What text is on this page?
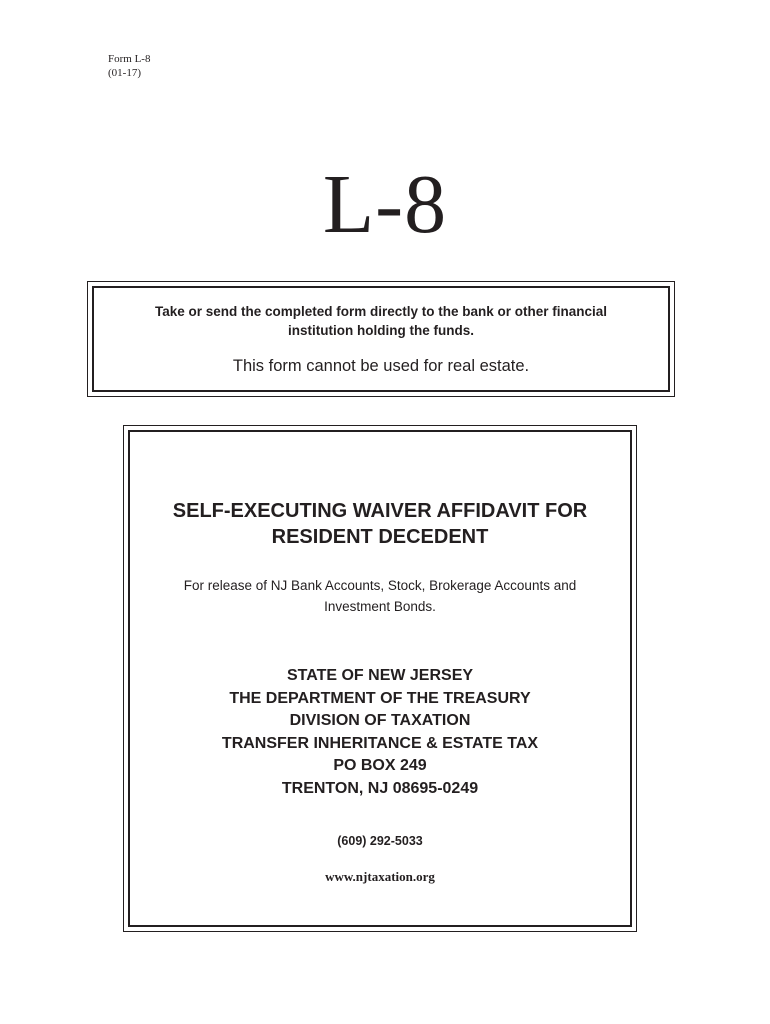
Form L-8
(01-17)
L-8
Take or send the completed form directly to the bank or other financial
institution holding the funds.
This form cannot be used for real estate.
SELF-EXECUTING WAIVER AFFIDAVIT FOR
RESIDENT DECEDENT
For release of NJ Bank Accounts, Stock, Brokerage Accounts and
Investment Bonds.
STATE OF NEW JERSEY
THE DEPARTMENT OF THE TREASURY
DIVISION OF TAXATION
TRANSFER INHERITANCE & ESTATE TAX
PO BOX 249
TRENTON, NJ 08695-0249
(609) 292-5033
www.njtaxation.org
